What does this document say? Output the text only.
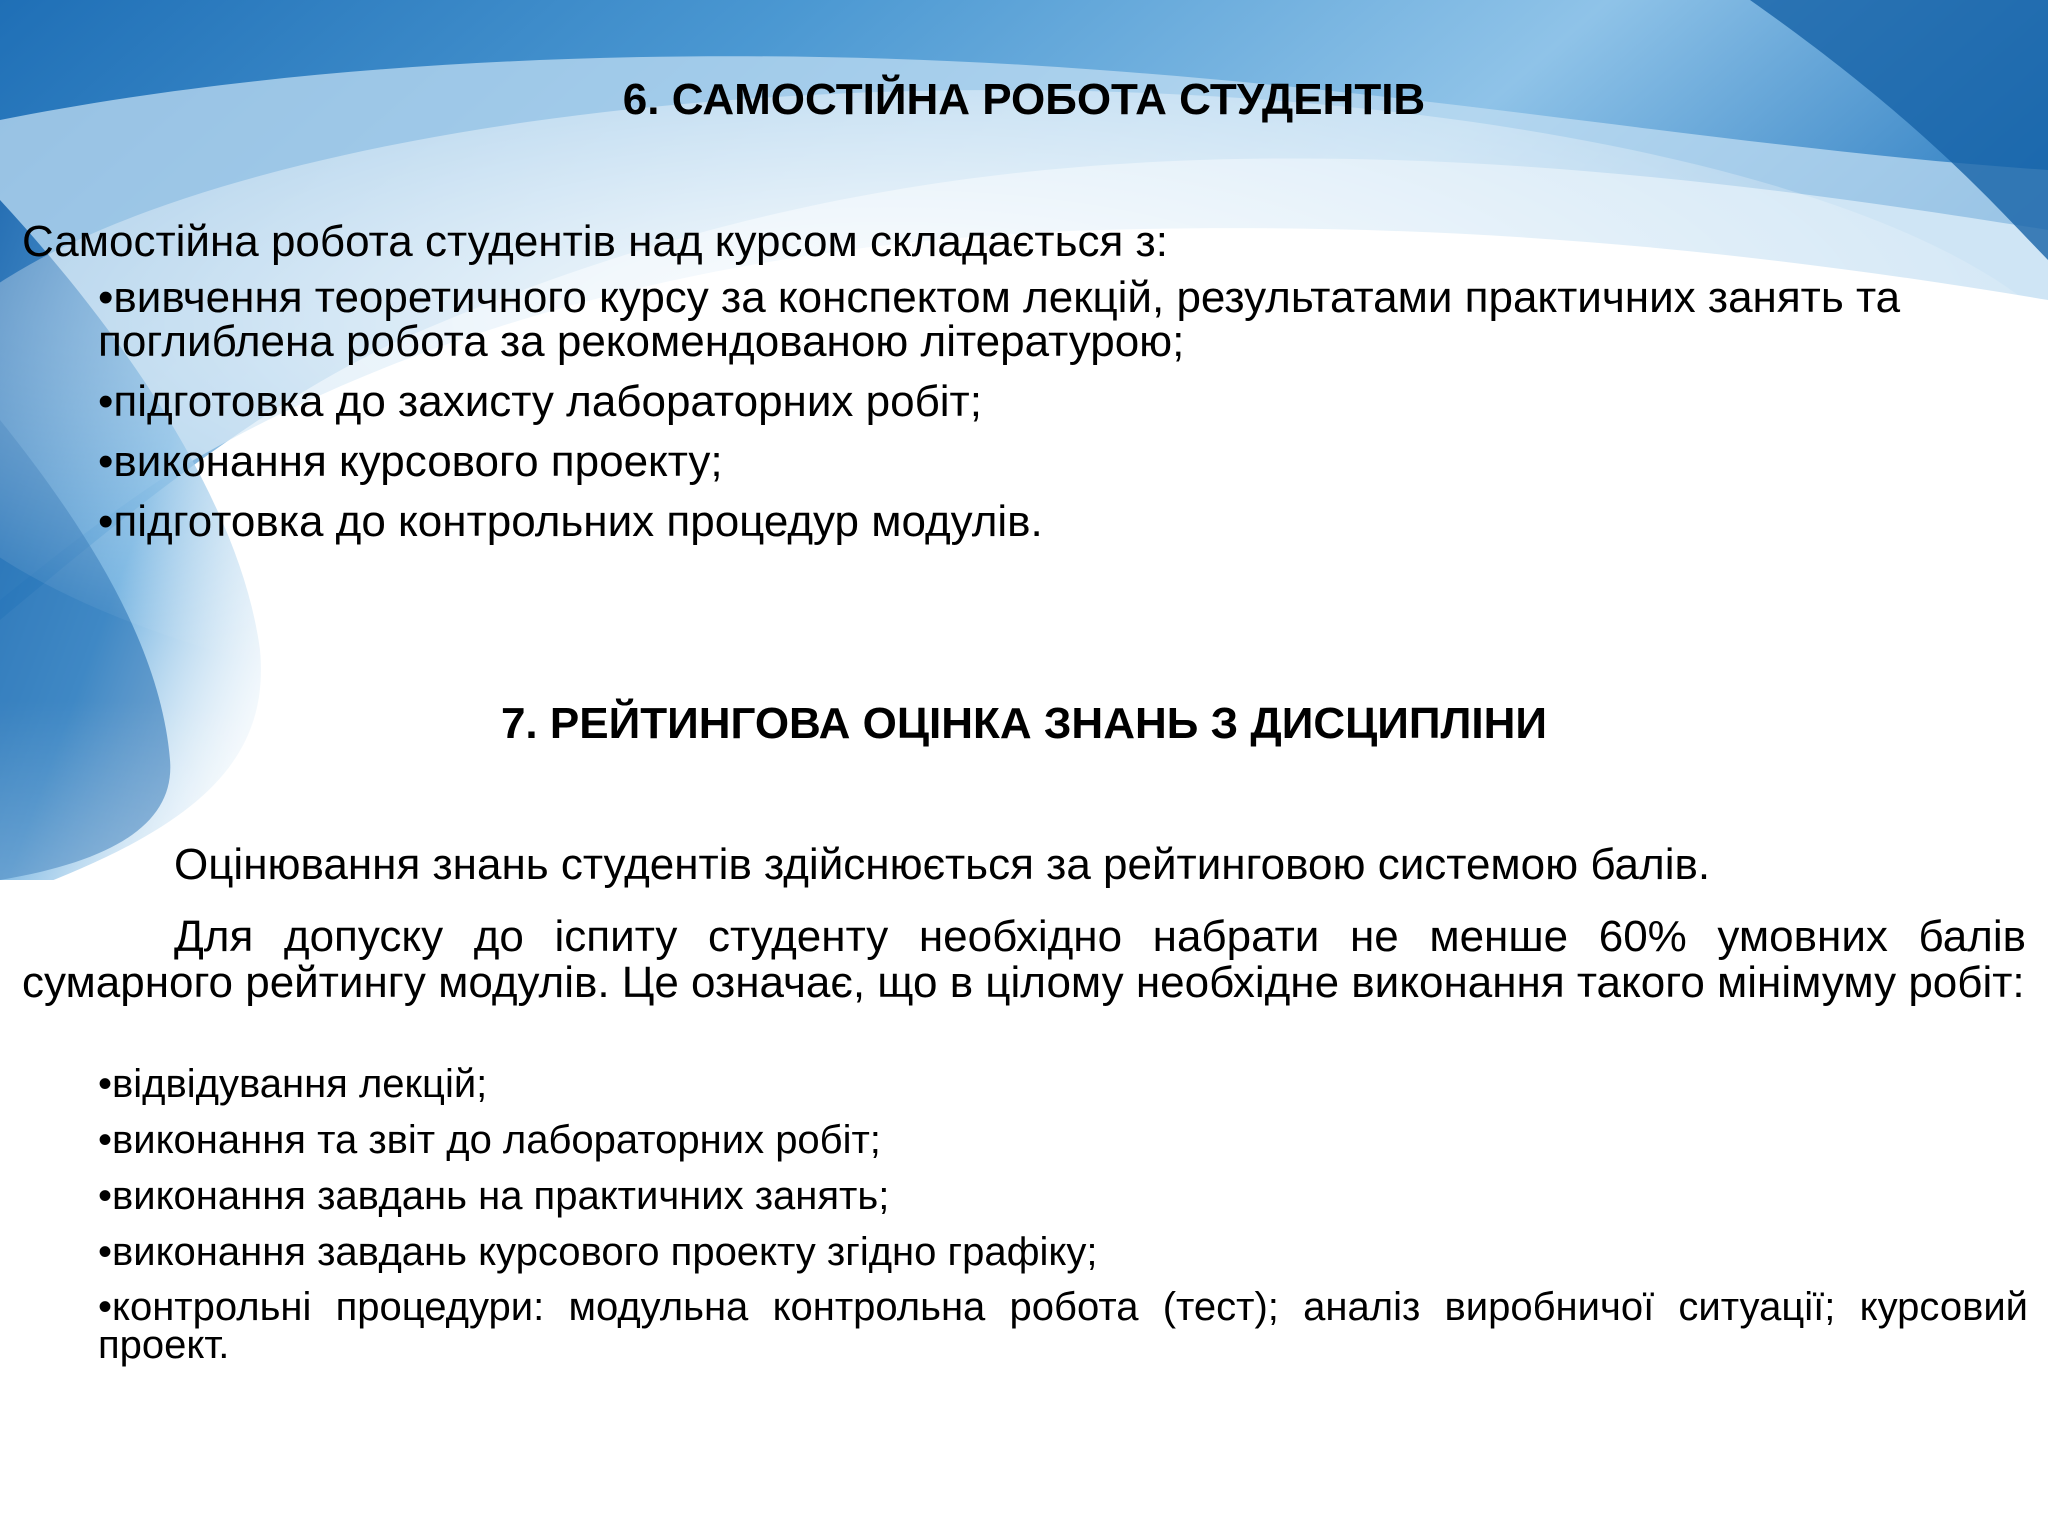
6. САМОСТІЙНА РОБОТА СТУДЕНТІВ
Самостійна робота студентів над курсом складається з:
•вивчення теоретичного курсу за конспектом лекцій, результатами практичних занять та поглиблена робота за рекомендованою літературою;
•підготовка до захисту лабораторних робіт;
•виконання курсового проекту;
•підготовка до контрольних процедур модулів.
7. РЕЙТИНГОВА ОЦІНКА ЗНАНЬ З ДИСЦИПЛІНИ
Оцінювання знань студентів здійснюється за рейтинговою системою балів.
Для допуску до іспиту студенту необхідно набрати не менше 60% умовних балів сумарного рейтингу модулів. Це означає, що в цілому необхідне виконання такого мінімуму робіт:
•відвідування лекцій;
•виконання та звіт до лабораторних робіт;
•виконання завдань на практичних занять;
•виконання завдань курсового проекту згідно графіку;
•контрольні процедури: модульна контрольна робота (тест); аналіз виробничої ситуації; курсовий проект.
